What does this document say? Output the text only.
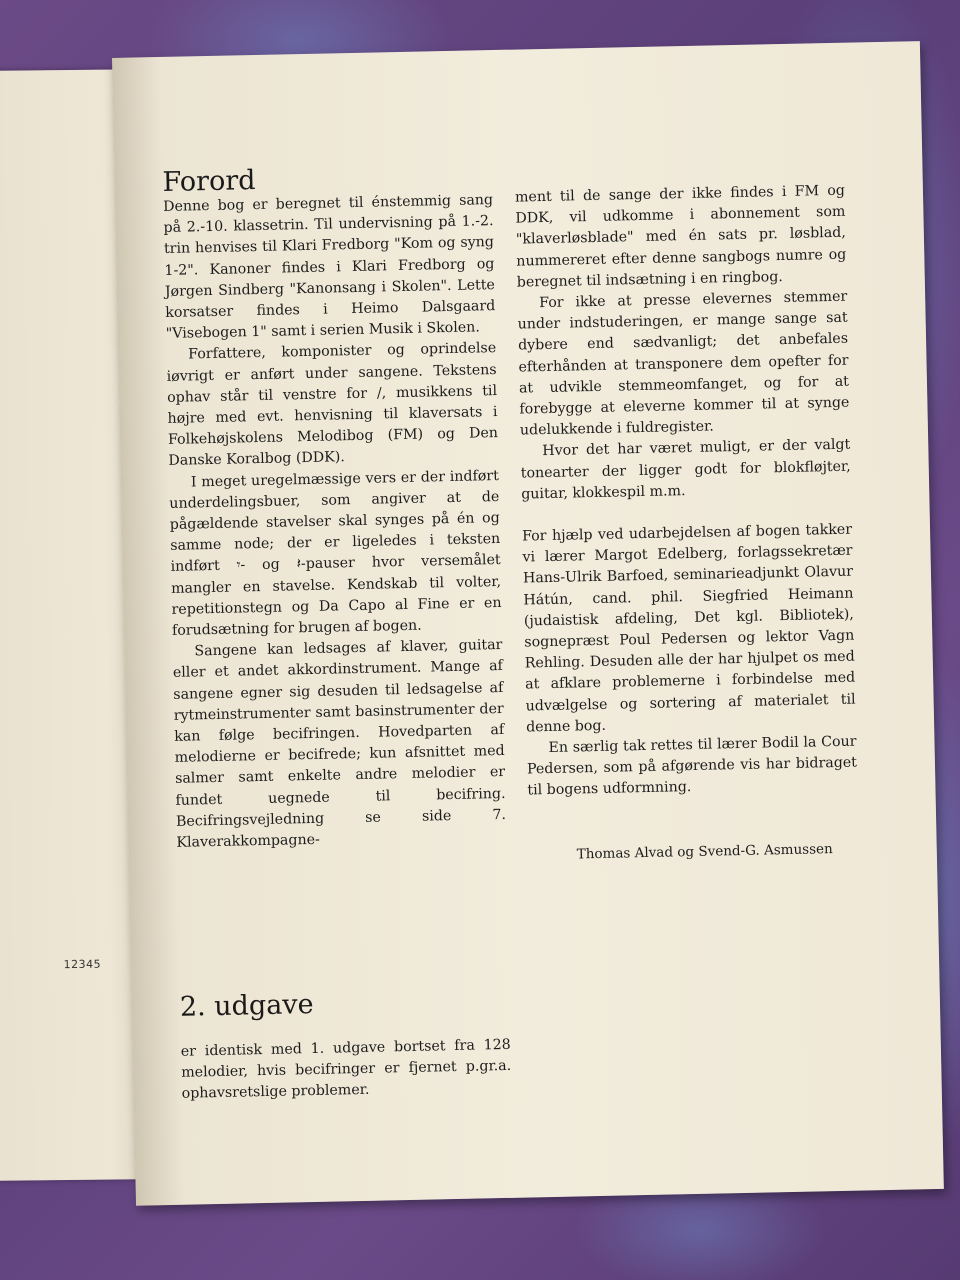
12345
Forord

Denne bog er beregnet til énstemmig sang på 2.-10. klassetrin. Til undervisning på 1.-2. trin henvises til Klari Fredborg "Kom og syng 1-2". Kanoner findes i Klari Fredborg og Jørgen Sindberg "Kanonsang i Skolen". Lette korsatser findes i Heimo Dalsgaard "Visebogen 1" samt i serien Musik i Skolen.

Forfattere, komponister og oprindelse iøvrigt er anført under sangene. Tekstens ophav står til venstre for /, musikkens til højre med evt. henvisning til klaversats i Folkehøjskolens Melodibog (FM) og Den Danske Koralbog (DDK).

I meget uregelmæssige vers er der indført underdelingsbuer, som angiver at de pågældende stavelser skal synges på én og samme node; der er ligeledes i teksten indført 𝄾- og 𝄽-pauser hvor versemålet mangler en stavelse. Kendskab til volter, repetitionstegn og Da Capo al Fine er en forudsætning for brugen af bogen.

Sangene kan ledsages af klaver, guitar eller et andet akkordinstrument. Mange af sangene egner sig desuden til ledsagelse af rytmeinstrumenter samt basinstrumenter der kan følge becifringen. Hovedparten af melodierne er becifrede; kun afsnittet med salmer samt enkelte andre melodier er fundet uegnede til becifring. Becifringsvejledning se side 7. Klaverakkompagne-

ment til de sange der ikke findes i FM og DDK, vil udkomme i abonnement som "klaverløsblade" med én sats pr. løsblad, nummereret efter denne sangbogs numre og beregnet til indsætning i en ringbog.

For ikke at presse elevernes stemmer under indstuderingen, er mange sange sat dybere end sædvanligt; det anbefales efterhånden at transponere dem opefter for at udvikle stemmeomfanget, og for at forebygge at eleverne kommer til at synge udelukkende i fuldregister.

Hvor det har været muligt, er der valgt tonearter der ligger godt for blokfløjter, guitar, klokkespil m.m.

For hjælp ved udarbejdelsen af bogen takker vi lærer Margot Edelberg, forlagssekretær Hans-Ulrik Barfoed, seminarieadjunkt Olavur Hátún, cand. phil. Siegfried Heimann (judaistisk afdeling, Det kgl. Bibliotek), sognepræst Poul Pedersen og lektor Vagn Rehling. Desuden alle der har hjulpet os med at afklare problemerne i forbindelse med udvælgelse og sortering af materialet til denne bog.

En særlig tak rettes til lærer Bodil la Cour Pedersen, som på afgørende vis har bidraget til bogens udformning.

Thomas Alvad og Svend-G. Asmussen
2. udgave

er identisk med 1. udgave bortset fra 128 melodier, hvis becifringer er fjernet p.gr.a. ophavsretslige problemer.
